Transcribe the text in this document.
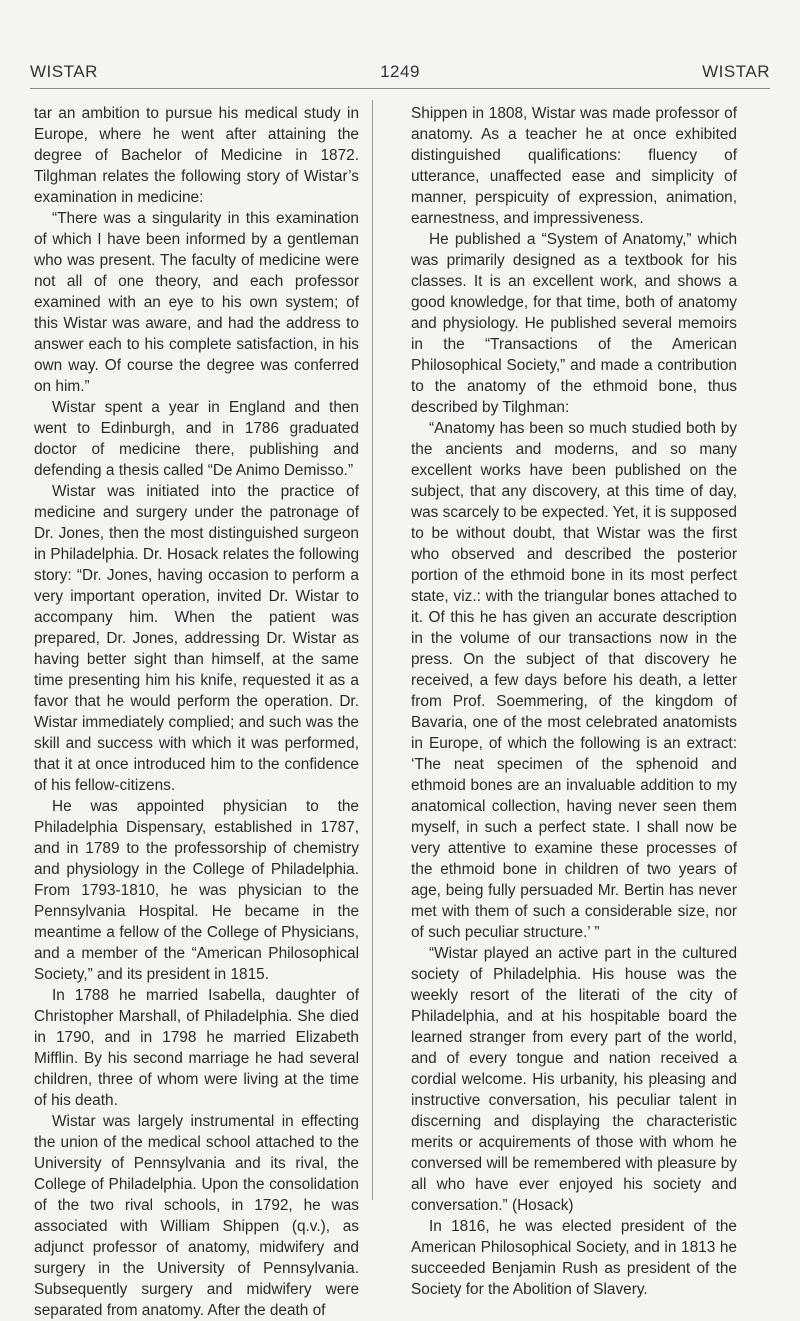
WISTAR	1249	WISTAR

tar an ambition to pursue his medical study in Europe, where he went after attaining the degree of Bachelor of Medicine in 1872. Tilghman relates the following story of Wistar’s examination in medicine:

“There was a singularity in this examination of which I have been informed by a gentleman who was present. The faculty of medicine were not all of one theory, and each professor examined with an eye to his own system; of this Wistar was aware, and had the address to answer each to his complete satisfaction, in his own way. Of course the degree was conferred on him.”

Wistar spent a year in England and then went to Edinburgh, and in 1786 graduated doctor of medicine there, publishing and defending a thesis called “De Animo Demisso.”

Wistar was initiated into the practice of medicine and surgery under the patronage of Dr. Jones, then the most distinguished surgeon in Philadelphia. Dr. Hosack relates the following story: “Dr. Jones, having occasion to perform a very important operation, invited Dr. Wistar to accompany him. When the patient was prepared, Dr. Jones, addressing Dr. Wistar as having better sight than himself, at the same time presenting him his knife, requested it as a favor that he would perform the operation. Dr. Wistar immediately complied; and such was the skill and success with which it was performed, that it at once introduced him to the confidence of his fellow-citizens.

He was appointed physician to the Philadelphia Dispensary, established in 1787, and in 1789 to the professorship of chemistry and physiology in the College of Philadelphia. From 1793-1810, he was physician to the Pennsylvania Hospital. He became in the meantime a fellow of the College of Physicians, and a member of the “American Philosophical Society,” and its president in 1815.

In 1788 he married Isabella, daughter of Christopher Marshall, of Philadelphia. She died in 1790, and in 1798 he married Elizabeth Mifflin. By his second marriage he had several children, three of whom were living at the time of his death.

Wistar was largely instrumental in effecting the union of the medical school attached to the University of Pennsylvania and its rival, the College of Philadelphia. Upon the consolidation of the two rival schools, in 1792, he was associated with William Shippen (q.v.), as adjunct professor of anatomy, midwifery and surgery in the University of Pennsylvania. Subsequently surgery and midwifery were separated from anatomy. After the death of

Shippen in 1808, Wistar was made professor of anatomy. As a teacher he at once exhibited distinguished qualifications: fluency of utterance, unaffected ease and simplicity of manner, perspicuity of expression, animation, earnestness, and impressiveness.

He published a “System of Anatomy,” which was primarily designed as a textbook for his classes. It is an excellent work, and shows a good knowledge, for that time, both of anatomy and physiology. He published several memoirs in the “Transactions of the American Philosophical Society,” and made a contribution to the anatomy of the ethmoid bone, thus described by Tilghman:

“Anatomy has been so much studied both by the ancients and moderns, and so many excellent works have been published on the subject, that any discovery, at this time of day, was scarcely to be expected. Yet, it is supposed to be without doubt, that Wistar was the first who observed and described the posterior portion of the ethmoid bone in its most perfect state, viz.: with the triangular bones attached to it. Of this he has given an accurate description in the volume of our transactions now in the press. On the subject of that discovery he received, a few days before his death, a letter from Prof. Soemmering, of the kingdom of Bavaria, one of the most celebrated anatomists in Europe, of which the following is an extract: ‘The neat specimen of the sphenoid and ethmoid bones are an invaluable addition to my anatomical collection, having never seen them myself, in such a perfect state. I shall now be very attentive to examine these processes of the ethmoid bone in children of two years of age, being fully persuaded Mr. Bertin has never met with them of such a considerable size, nor of such peculiar structure.’ ”

“Wistar played an active part in the cultured society of Philadelphia. His house was the weekly resort of the literati of the city of Philadelphia, and at his hospitable board the learned stranger from every part of the world, and of every tongue and nation received a cordial welcome. His urbanity, his pleasing and instructive conversation, his peculiar talent in discerning and displaying the characteristic merits or acquirements of those with whom he conversed will be remembered with pleasure by all who have ever enjoyed his society and conversation.” (Hosack)

In 1816, he was elected president of the American Philosophical Society, and in 1813 he succeeded Benjamin Rush as president of the Society for the Abolition of Slavery.
